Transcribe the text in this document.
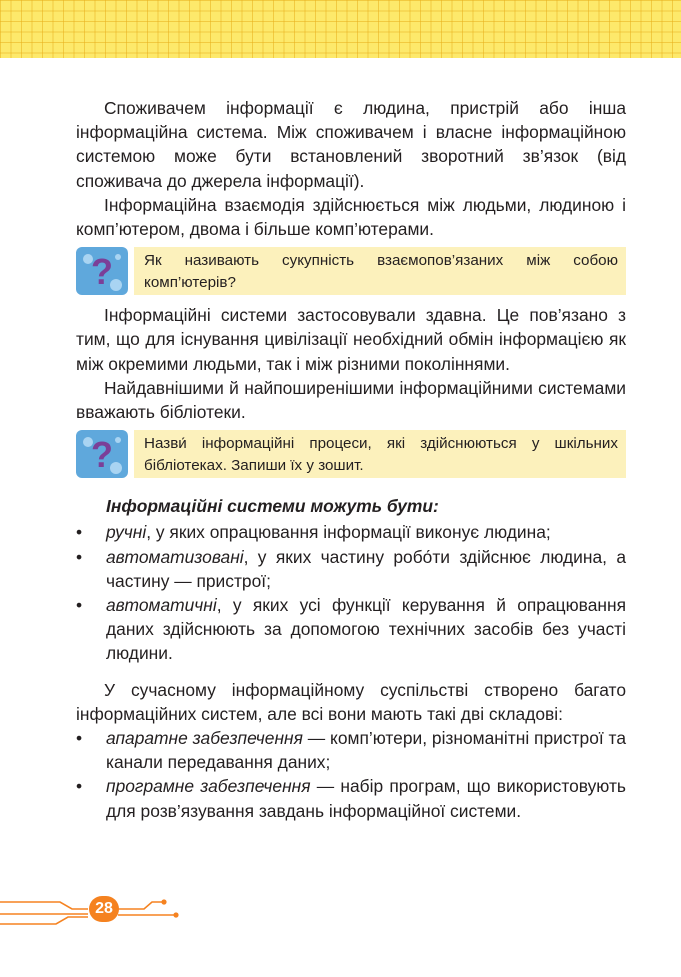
Споживачем інформації є людина, пристрій або інша інформаційна система. Між споживачем і власне інформаційною системою може бути встановлений зворотний зв’язок (від споживача до джерела інформації).

Інформаційна взаємодія здійснюється між людьми, людиною і комп’ютером, двома і більше комп’ютерами.

?	Як називають сукупність взаємопов’язаних між собою комп’ютерів?

Інформаційні системи застосовували здавна. Це пов’язано з тим, що для існування цивілізації необхідний обмін інформацією як між окремими людьми, так і між різними поколіннями.

Найдавнішими й найпоширенішими інформаційними системами вважають бібліотеки.

?	Назви́ інформаційні процеси, які здійснюються у шкільних бібліотеках. Запиши їх у зошит.
Інформаційні системи можуть бути:
• ручні, у яких опрацювання інформації виконує людина;
• автоматизовані, у яких частину робо́ти здійснює людина, а частину — пристрої;
• автоматичні, у яких усі функції керування й опрацювання даних здійснюють за допомогою технічних засобів без участі людини.

У сучасному інформаційному суспільстві створено багато інформаційних систем, але всі вони мають такі дві складові:

• апаратне забезпечення — комп’ютери, різноманітні пристрої та канали передавання даних;
• програмне забезпечення — набір програм, що використовують для розв’язування завдань інформаційної системи.
28
